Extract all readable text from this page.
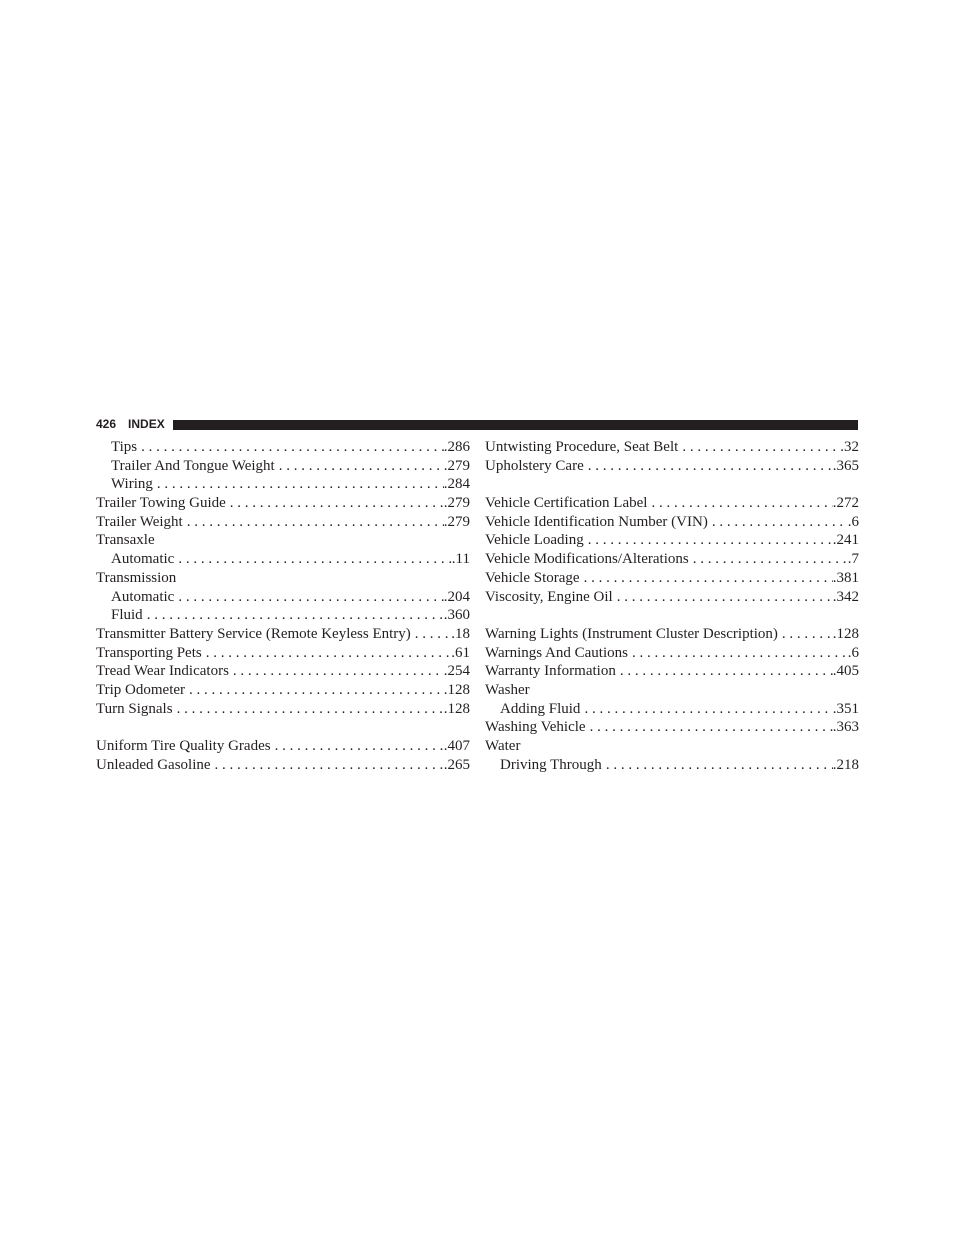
426 INDEX
Tips . . .	.286
Trailer And Tongue Weight . . .	.279
Wiring . . .	.284
Trailer Towing Guide . . .	.279
Trailer Weight . . .	.279
Transaxle
Automatic . . .	.11
Transmission
Automatic . . .	.204
Fluid . . .	.360
Transmitter Battery Service (Remote Keyless Entry) . . .	.18
Transporting Pets . . .	.61
Tread Wear Indicators . . .	.254
Trip Odometer . . .	.128
Turn Signals . . .	.128
Uniform Tire Quality Grades . . .	.407
Unleaded Gasoline . . .	.265
Untwisting Procedure, Seat Belt . . .	.32
Upholstery Care . . .	.365
Vehicle Certification Label . . .	.272
Vehicle Identification Number (VIN) . . .	.6
Vehicle Loading . . .	.241
Vehicle Modifications/Alterations . . .	.7
Vehicle Storage . . .	.381
Viscosity, Engine Oil . . .	.342
Warning Lights (Instrument Cluster Description) . . .	.128
Warnings And Cautions . . .	.6
Warranty Information . . .	.405
Washer
Adding Fluid . . .	.351
Washing Vehicle . . .	.363
Water
Driving Through . . .	.218
